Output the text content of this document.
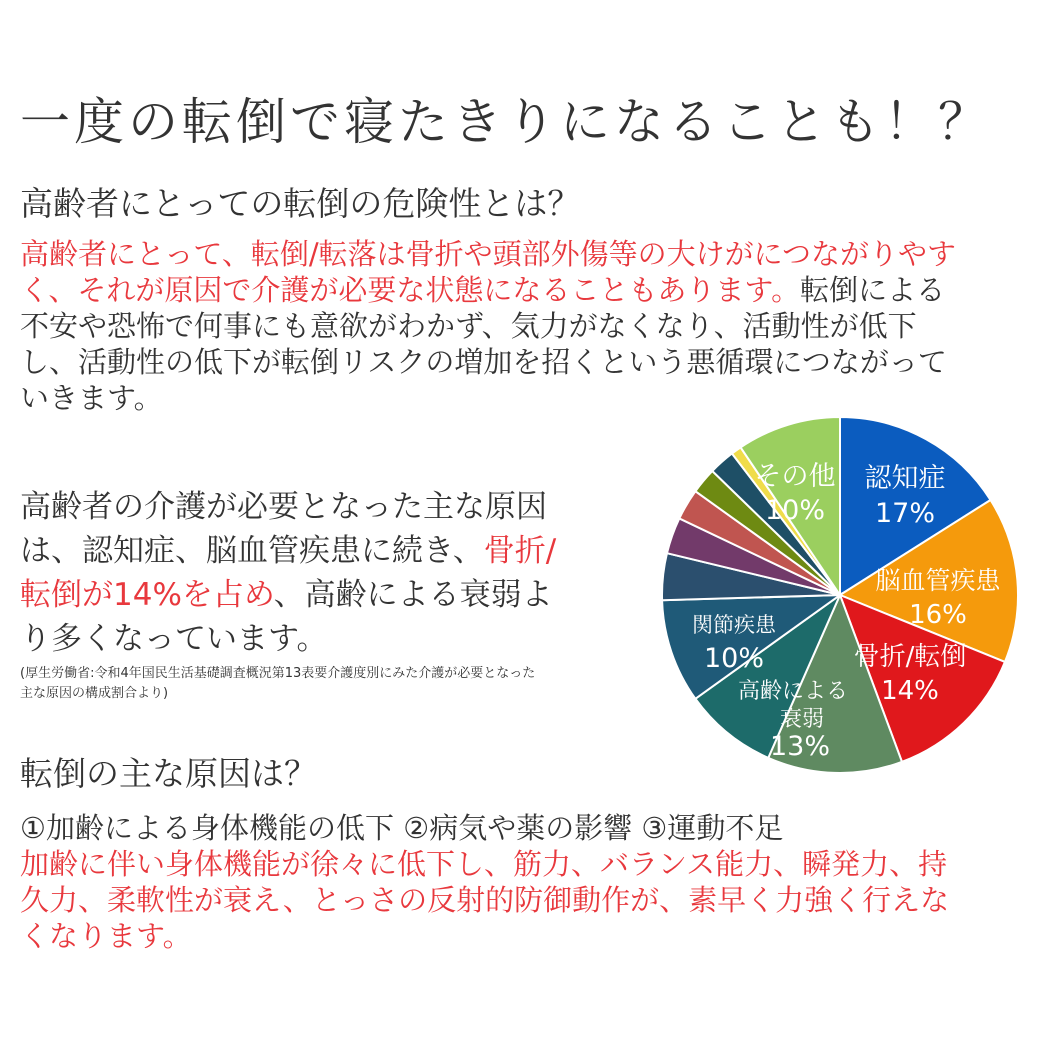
一度の転倒で寝たきりになることも！？
高齢者にとっての転倒の危険性とは？
高齢者にとって、転倒/転落は骨折や頭部外傷等の大けがにつながりやす
く、それが原因で介護が必要な状態になることもあります。転倒による
不安や恐怖で何事にも意欲がわかず、気力がなくなり、活動性が低下
し、活動性の低下が転倒リスクの増加を招くという悪循環につながって
いきます。
高齢者の介護が必要となった主な原因
は、認知症、脳血管疾患に続き、骨折/
転倒が14%を占め、高齢による衰弱よ
り多くなっています。
(厚生労働省:令和4年国民生活基礎調査概況第13表要介護度別にみた介護が必要となった
主な原因の構成割合より)
認知症
17%
脳血管疾患
16%
骨折/転倒
14%
高齢による
衰弱
13%
関節疾患
10%
その他
10%
転倒の主な原因は？
①加齢による身体機能の低下 ②病気や薬の影響 ③運動不足
加齢に伴い身体機能が徐々に低下し、筋力、バランス能力、瞬発力、持
久力、柔軟性が衰え、とっさの反射的防御動作が、素早く力強く行えな
くなります。
